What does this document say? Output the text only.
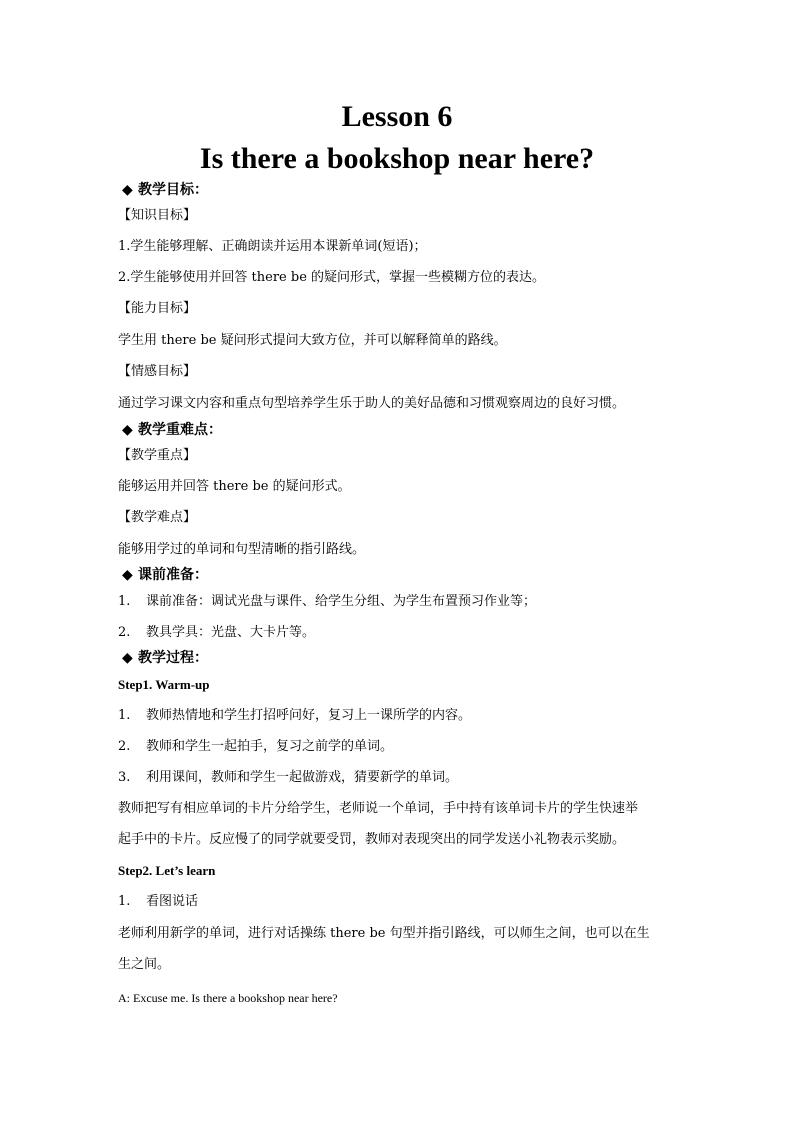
Lesson 6
Is there a bookshop near here?
◆ 教学目标：
【知识目标】
1.学生能够理解、正确朗读并运用本课新单词(短语)；
2.学生能够使用并回答 there be 的疑问形式，掌握一些模糊方位的表达。
【能力目标】
学生用 there be 疑问形式提问大致方位，并可以解释简单的路线。
【情感目标】
通过学习课文内容和重点句型培养学生乐于助人的美好品德和习惯观察周边的良好习惯。
◆ 教学重难点：
【教学重点】
能够运用并回答 there be 的疑问形式。
【教学难点】
能够用学过的单词和句型清晰的指引路线。
◆ 课前准备：
1. 课前准备：调试光盘与课件、给学生分组、为学生布置预习作业等；
2. 教具学具：光盘、大卡片等。
◆ 教学过程：
Step1. Warm-up
1. 教师热情地和学生打招呼问好，复习上一课所学的内容。
2. 教师和学生一起拍手，复习之前学的单词。
3. 利用课间，教师和学生一起做游戏，猜要新学的单词。
教师把写有相应单词的卡片分给学生，老师说一个单词，手中持有该单词卡片的学生快速举
起手中的卡片。反应慢了的同学就要受罚，教师对表现突出的同学发送小礼物表示奖励。
Step2. Let’s learn
1. 看图说话
老师利用新学的单词，进行对话操练 there be 句型并指引路线，可以师生之间，也可以在生
生之间。
A: Excuse me. Is there a bookshop near here?
